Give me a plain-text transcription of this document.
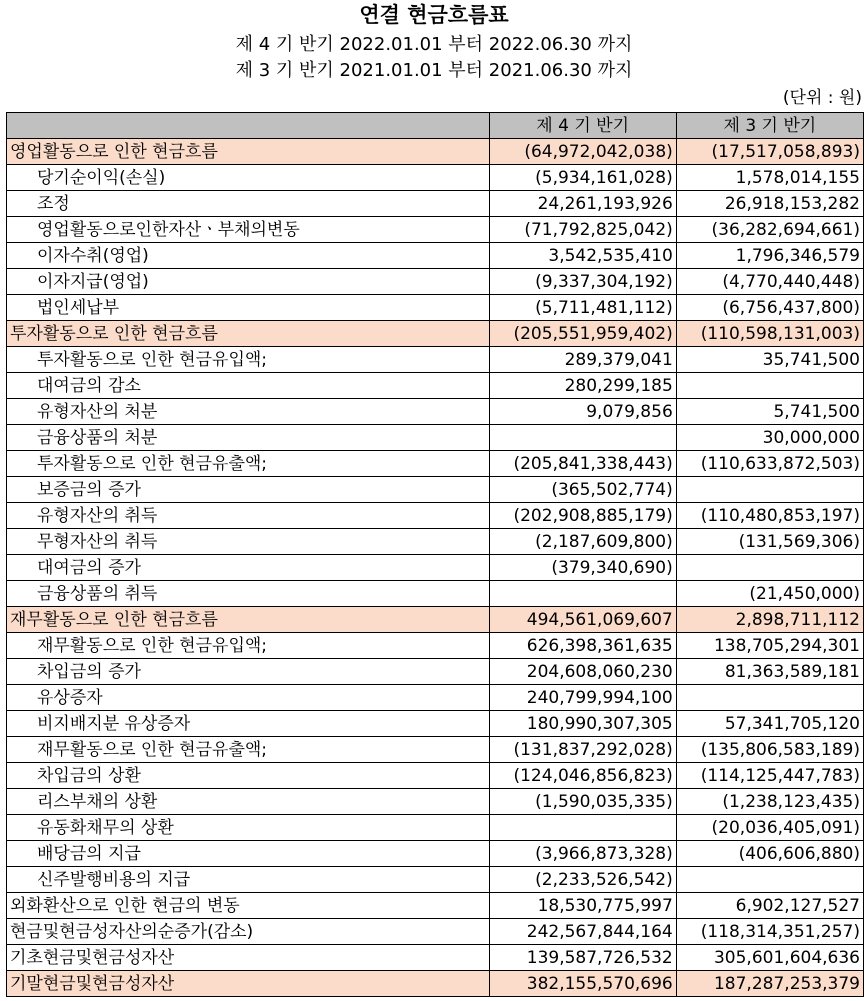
연결 현금흐름표
제 4 기 반기 2022.01.01 부터 2022.06.30 까지
제 3 기 반기 2021.01.01 부터 2021.06.30 까지
(단위 : 원)
	제 4 기 반기	제 3 기 반기
영업활동으로 인한 현금흐름	(64,972,042,038)	(17,517,058,893)
당기순이익(손실)	(5,934,161,028)	1,578,014,155
조정	24,261,193,926	26,918,153,282
영업활동으로인한자산ㆍ부채의변동	(71,792,825,042)	(36,282,694,661)
이자수취(영업)	3,542,535,410	1,796,346,579
이자지급(영업)	(9,337,304,192)	(4,770,440,448)
법인세납부	(5,711,481,112)	(6,756,437,800)
투자활동으로 인한 현금흐름	(205,551,959,402)	(110,598,131,003)
투자활동으로 인한 현금유입액;	289,379,041	35,741,500
대여금의 감소	280,299,185	
유형자산의 처분	9,079,856	5,741,500
금융상품의 처분		30,000,000
투자활동으로 인한 현금유출액;	(205,841,338,443)	(110,633,872,503)
보증금의 증가	(365,502,774)	
유형자산의 취득	(202,908,885,179)	(110,480,853,197)
무형자산의 취득	(2,187,609,800)	(131,569,306)
대여금의 증가	(379,340,690)	
금융상품의 취득		(21,450,000)
재무활동으로 인한 현금흐름	494,561,069,607	2,898,711,112
재무활동으로 인한 현금유입액;	626,398,361,635	138,705,294,301
차입금의 증가	204,608,060,230	81,363,589,181
유상증자	240,799,994,100	
비지배지분 유상증자	180,990,307,305	57,341,705,120
재무활동으로 인한 현금유출액;	(131,837,292,028)	(135,806,583,189)
차입금의 상환	(124,046,856,823)	(114,125,447,783)
리스부채의 상환	(1,590,035,335)	(1,238,123,435)
유동화채무의 상환		(20,036,405,091)
배당금의 지급	(3,966,873,328)	(406,606,880)
신주발행비용의 지급	(2,233,526,542)	
외화환산으로 인한 현금의 변동	18,530,775,997	6,902,127,527
현금및현금성자산의순증가(감소)	242,567,844,164	(118,314,351,257)
기초현금및현금성자산	139,587,726,532	305,601,604,636
기말현금및현금성자산	382,155,570,696	187,287,253,379
